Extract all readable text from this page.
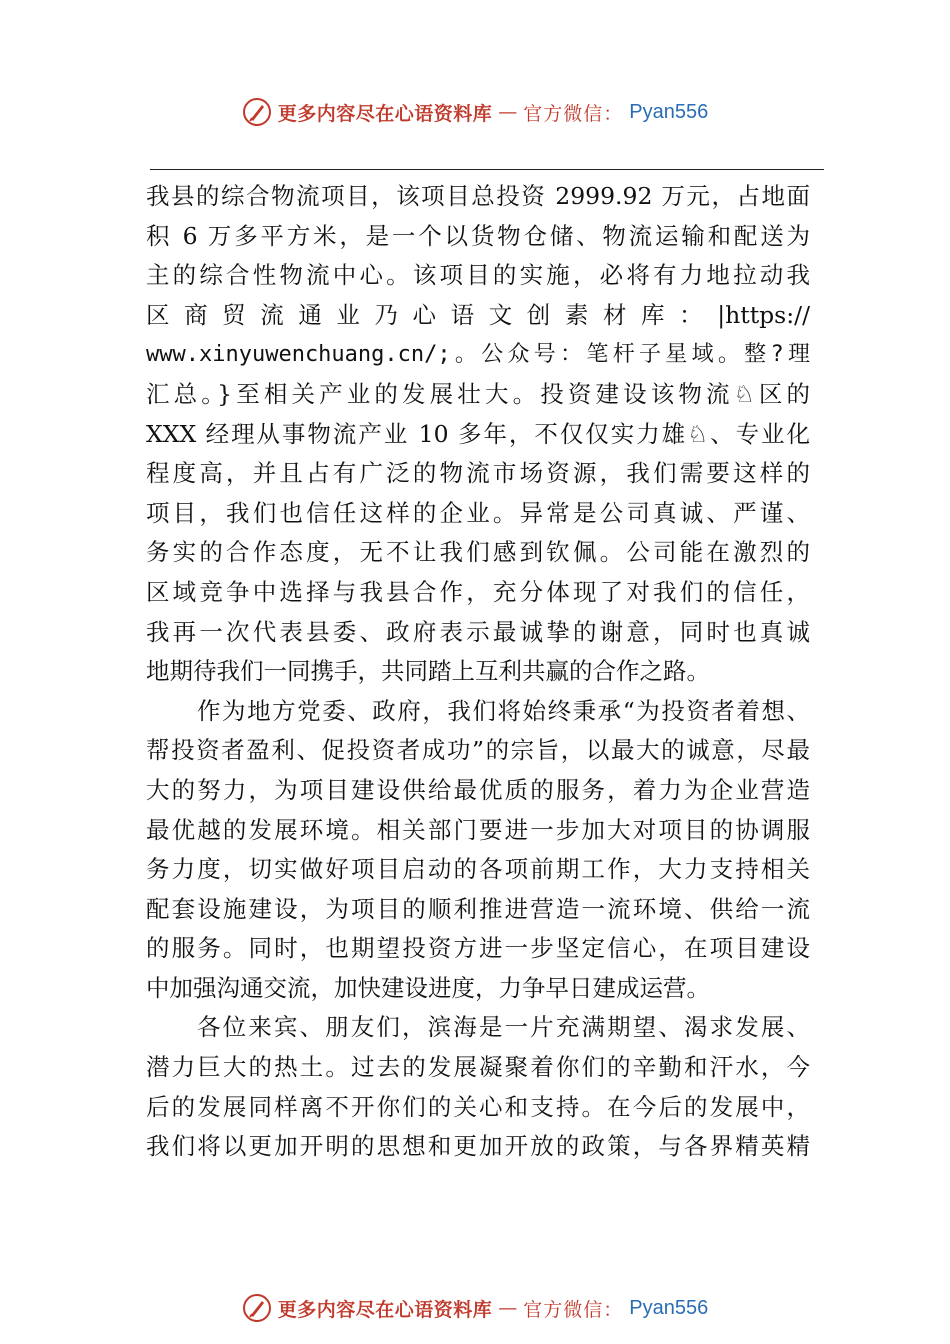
更多内容尽在心语资料库 — 官方微信： Pyan556
我县的综合物流项目，该项目总投资 2999.92 万元，占地面
积 6 万多平方米，是一个以货物仓储、物流运输和配送为
主的综合性物流中心。该项目的实施，必将有力地拉动我
区商贸流通业乃心语文创素材库：|https://
www.xinyuwenchuang.cn/;。公众号：笔杆子星域。整?理
汇总。}至相关产业的发展壮大。投资建设该物流♘区的
XXX 经理从事物流产业 10 多年，不仅仅实力雄♘、专业化
程度高，并且占有广泛的物流市场资源，我们需要这样的
项目，我们也信任这样的企业。异常是公司真诚、严谨、
务实的合作态度，无不让我们感到钦佩。公司能在激烈的
区域竞争中选择与我县合作，充分体现了对我们的信任，
我再一次代表县委、政府表示最诚挚的谢意，同时也真诚
地期待我们一同携手，共同踏上互利共赢的合作之路。
作为地方党委、政府，我们将始终秉承“为投资者着想、
帮投资者盈利、促投资者成功”的宗旨，以最大的诚意，尽最
大的努力，为项目建设供给最优质的服务，着力为企业营造
最优越的发展环境。相关部门要进一步加大对项目的协调服
务力度，切实做好项目启动的各项前期工作，大力支持相关
配套设施建设，为项目的顺利推进营造一流环境、供给一流
的服务。同时，也期望投资方进一步坚定信心，在项目建设
中加强沟通交流，加快建设进度，力争早日建成运营。
各位来宾、朋友们，滨海是一片充满期望、渴求发展、
潜力巨大的热土。过去的发展凝聚着你们的辛勤和汗水，今
后的发展同样离不开你们的关心和支持。在今后的发展中，
我们将以更加开明的思想和更加开放的政策，与各界精英精
更多内容尽在心语资料库 — 官方微信： Pyan556
